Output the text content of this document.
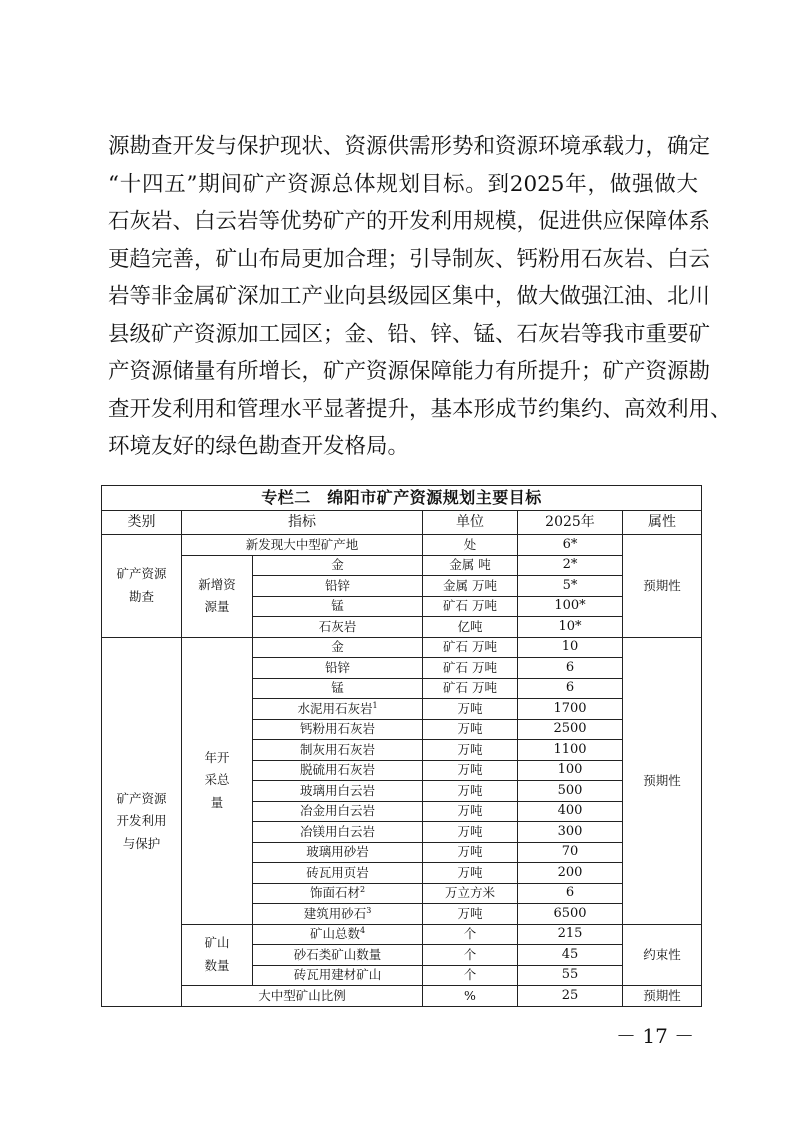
源勘查开发与保护现状、资源供需形势和资源环境承载力，确定
“十四五”期间矿产资源总体规划目标。到2025年，做强做大
石灰岩、白云岩等优势矿产的开发利用规模，促进供应保障体系
更趋完善，矿山布局更加合理；引导制灰、钙粉用石灰岩、白云
岩等非金属矿深加工产业向县级园区集中，做大做强江油、北川
县级矿产资源加工园区；金、铅、锌、锰、石灰岩等我市重要矿
产资源储量有所增长，矿产资源保障能力有所提升；矿产资源勘
查开发利用和管理水平显著提升，基本形成节约集约、高效利用、
环境友好的绿色勘查开发格局。
专栏二　绵阳市矿产资源规划主要目标					
类别	指标		单位	2025年	属性

矿产资源勘查	新发现大中型矿产地		处	6*	预期性

	新增资源量	金	金属 吨	2*	
		铅锌	金属 万吨	5*	
		锰	矿石 万吨	100*	
		石灰岩	亿吨	10*	

矿产资源开发利用与保护	年开采总量	金	矿石 万吨	10	预期性
		铅锌	矿石 万吨	6	
		锰	矿石 万吨	6	
		水泥用石灰岩$^1$	万吨	1700	
		钙粉用石灰岩	万吨	2500	
		制灰用石灰岩	万吨	1100	
		脱硫用石灰岩	万吨	100	
		玻璃用白云岩	万吨	500	
		冶金用白云岩	万吨	400	
		冶镁用白云岩	万吨	300	
		玻璃用砂岩	万吨	70	
		砖瓦用页岩	万吨	200	
		饰面石材$^2$	万立方米	6	
		建筑用砂石$^3$	万吨	6500	

	矿山数量	矿山总数$^4$	个	215	约束性
		砂石类矿山数量	个	45	
		砖瓦用建材矿山	个	55	
	大中型矿山比例		%	25	预期性
－ 17 －
